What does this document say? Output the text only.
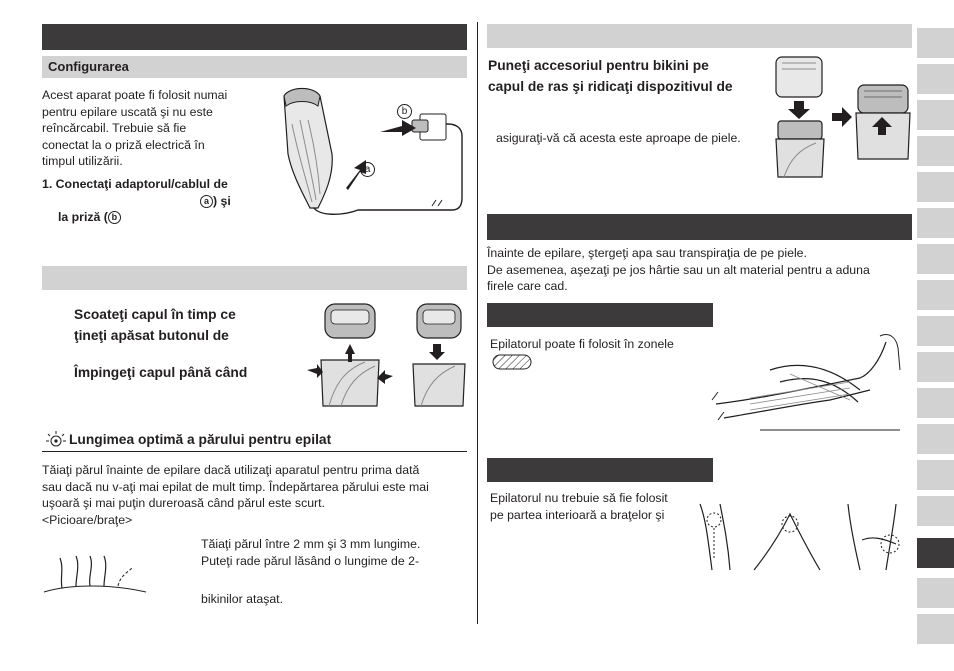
Configurarea
Acest aparat poate fi folosit numai
pentru epilare uscată şi nu este
reîncărcabil. Trebuie să fie
conectat la o priză electrică în
timpul utilizării.
1. Conectaţi adaptorul/cablul de
a ) şi
la priză ( b
a
b
Scoateţi capul în timp ce
ţineţi apăsat butonul de
Împingeţi capul până când
Lungimea optimă a părului pentru epilat
Tăiaţi părul înainte de epilare dacă utilizaţi aparatul pentru prima dată
sau dacă nu v-aţi mai epilat de mult timp. Îndepărtarea părului este mai
uşoară şi mai puţin dureroasă când părul este scurt.
<Picioare/braţe>
Tăiaţi părul între 2 mm şi 3 mm lungime.
Puteţi rade părul lăsând o lungime de 2-
bikinilor ataşat.
Puneţi accesoriul pentru bikini pe
capul de ras şi ridicaţi dispozitivul de
asiguraţi-vă că acesta este aproape de piele.
Înainte de epilare, ştergeţi apa sau transpiraţia de pe piele.
De asemenea, aşezaţi pe jos hârtie sau un alt material pentru a aduna
firele care cad.
Epilatorul poate fi folosit în zonele
Epilatorul nu trebuie să fie folosit
pe partea interioară a braţelor şi
